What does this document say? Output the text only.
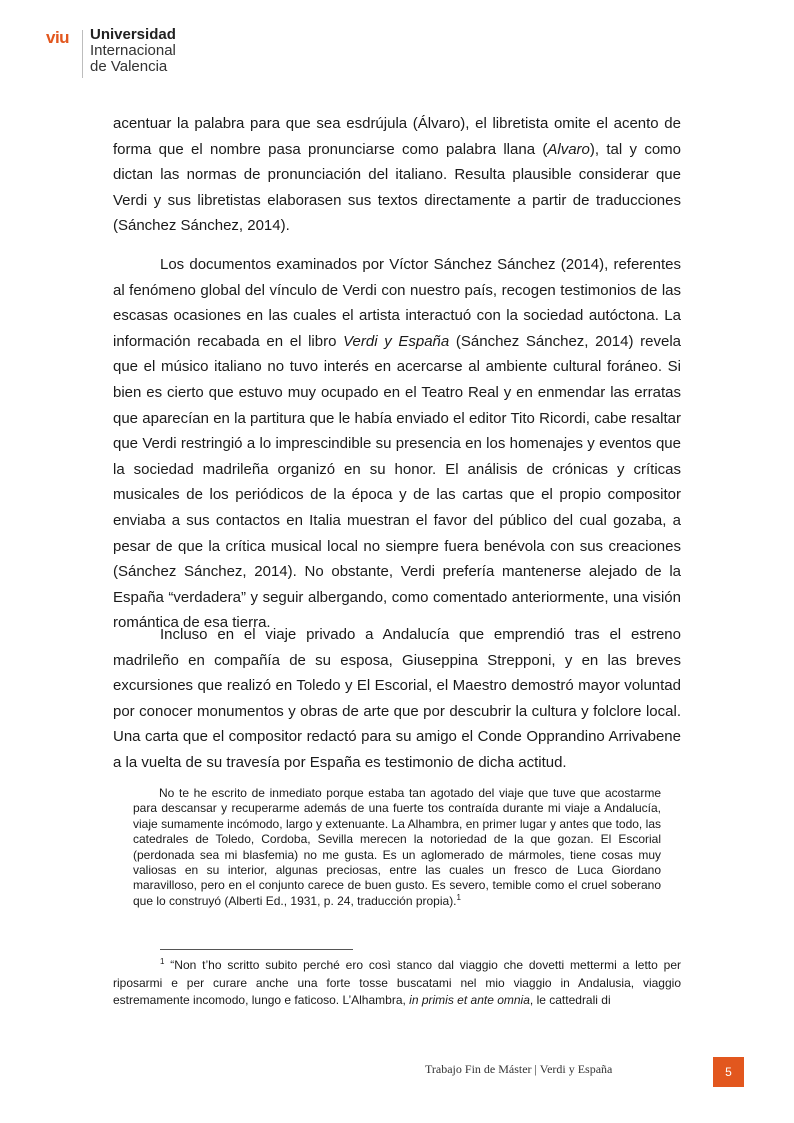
viu Universidad
Internacional
de Valencia

acentuar la palabra para que sea esdrújula (Álvaro), el libretista omite el acento de forma que el nombre pasa pronunciarse como palabra llana (Alvaro), tal y como dictan las normas de pronunciación del italiano. Resulta plausible considerar que Verdi y sus libretistas elaborasen sus textos directamente a partir de traducciones (Sánchez Sánchez, 2014).

Los documentos examinados por Víctor Sánchez Sánchez (2014), referentes al fenómeno global del vínculo de Verdi con nuestro país, recogen testimonios de las escasas ocasiones en las cuales el artista interactuó con la sociedad autóctona. La información recabada en el libro Verdi y España (Sánchez Sánchez, 2014) revela que el músico italiano no tuvo interés en acercarse al ambiente cultural foráneo. Si bien es cierto que estuvo muy ocupado en el Teatro Real y en enmendar las erratas que aparecían en la partitura que le había enviado el editor Tito Ricordi, cabe resaltar que Verdi restringió a lo imprescindible su presencia en los homenajes y eventos que la sociedad madrileña organizó en su honor. El análisis de crónicas y críticas musicales de los periódicos de la época y de las cartas que el propio compositor enviaba a sus contactos en Italia muestran el favor del público del cual gozaba, a pesar de que la crítica musical local no siempre fuera benévola con sus creaciones (Sánchez Sánchez, 2014). No obstante, Verdi prefería mantenerse alejado de la España “verdadera” y seguir albergando, como comentado anteriormente, una visión romántica de esa tierra.

Incluso en el viaje privado a Andalucía que emprendió tras el estreno madrileño en compañía de su esposa, Giuseppina Strepponi, y en las breves excursiones que realizó en Toledo y El Escorial, el Maestro demostró mayor voluntad por conocer monumentos y obras de arte que por descubrir la cultura y folclore local. Una carta que el compositor redactó para su amigo el Conde Opprandino Arrivabene a la vuelta de su travesía por España es testimonio de dicha actitud.

No te he escrito de inmediato porque estaba tan agotado del viaje que tuve que acostarme para descansar y recuperarme además de una fuerte tos contraída durante mi viaje a Andalucía, viaje sumamente incómodo, largo y extenuante. La Alhambra, en primer lugar y antes que todo, las catedrales de Toledo, Cordoba, Sevilla merecen la notoriedad de la que gozan. El Escorial (perdonada sea mi blasfemia) no me gusta. Es un aglomerado de mármoles, tiene cosas muy valiosas en su interior, algunas preciosas, entre las cuales un fresco de Luca Giordano maravilloso, pero en el conjunto carece de buen gusto. Es severo, temible como el cruel soberano que lo construyó (Alberti Ed., 1931, p. 24, traducción propia).$^1$

$^1$ “Non t’ho scritto subito perché ero così stanco dal viaggio che dovetti mettermi a letto per riposarmi e per curare anche una forte tosse buscatami nel mio viaggio in Andalusia, viaggio estremamente incomodo, lungo e faticoso. L’Alhambra, in primis et ante omnia, le cattedrali di

Trabajo Fin de Máster | Verdi y España	5
